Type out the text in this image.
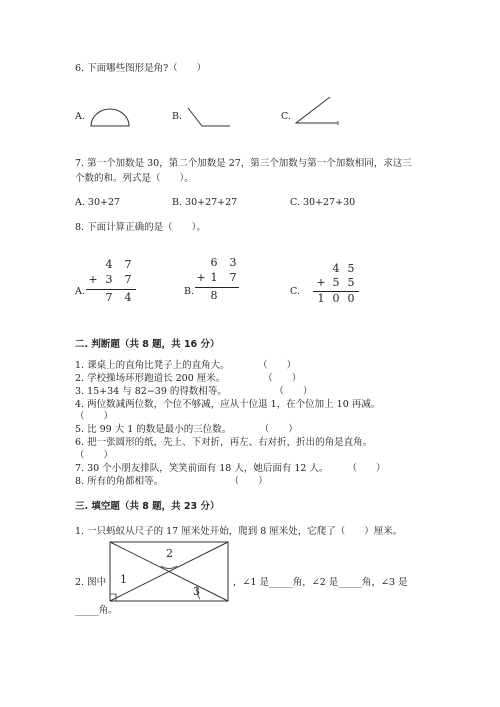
6. 下面哪些图形是角?（　　）
A.	B.	C.
7. 第一个加数是 30，第二个加数是 27，第三个加数与第一个加数相同，求这三
个数的和。列式是（　　）。
A. 30+27	B. 30+27+27	C. 30+27+30
8. 下面计算正确的是（　　）。
A.
4 7
+ 3 7
7 4	B.
6 3
+ 1 7
8	C.
4 5
+ 5 5
1 0 0
二. 判断题（共 8 题，共 16 分）
1. 课桌上的直角比凳子上的直角大。　　　　（　　）
2. 学校操场环形跑道长 200 厘米。　　　　　（　　）
3. 15+34 与 82−39 的得数相等。　　　　　　（　　）
4. 两位数减两位数，个位不够减，应从十位退 1，在个位加上 10 再减。
（　　）
5. 比 99 大 1 的数是最小的三位数。　　　　（　　）
6. 把一张圆形的纸，先上、下对折，再左、右对折，折出的角是直角。
（　　）
7. 30 个小朋友排队，笑笑前面有 18 人，她后面有 12 人。　　　（　　）
8. 所有的角都相等。　　　　　　　　（　　）
三. 填空题（共 8 题，共 23 分）
1. 一只蚂蚁从尺子的 17 厘米处开始，爬到 8 厘米处，它爬了（　　）厘米。
2. 图中 1
2
3
，∠1 是_____角，∠2 是_____角，∠3 是
_____角。
